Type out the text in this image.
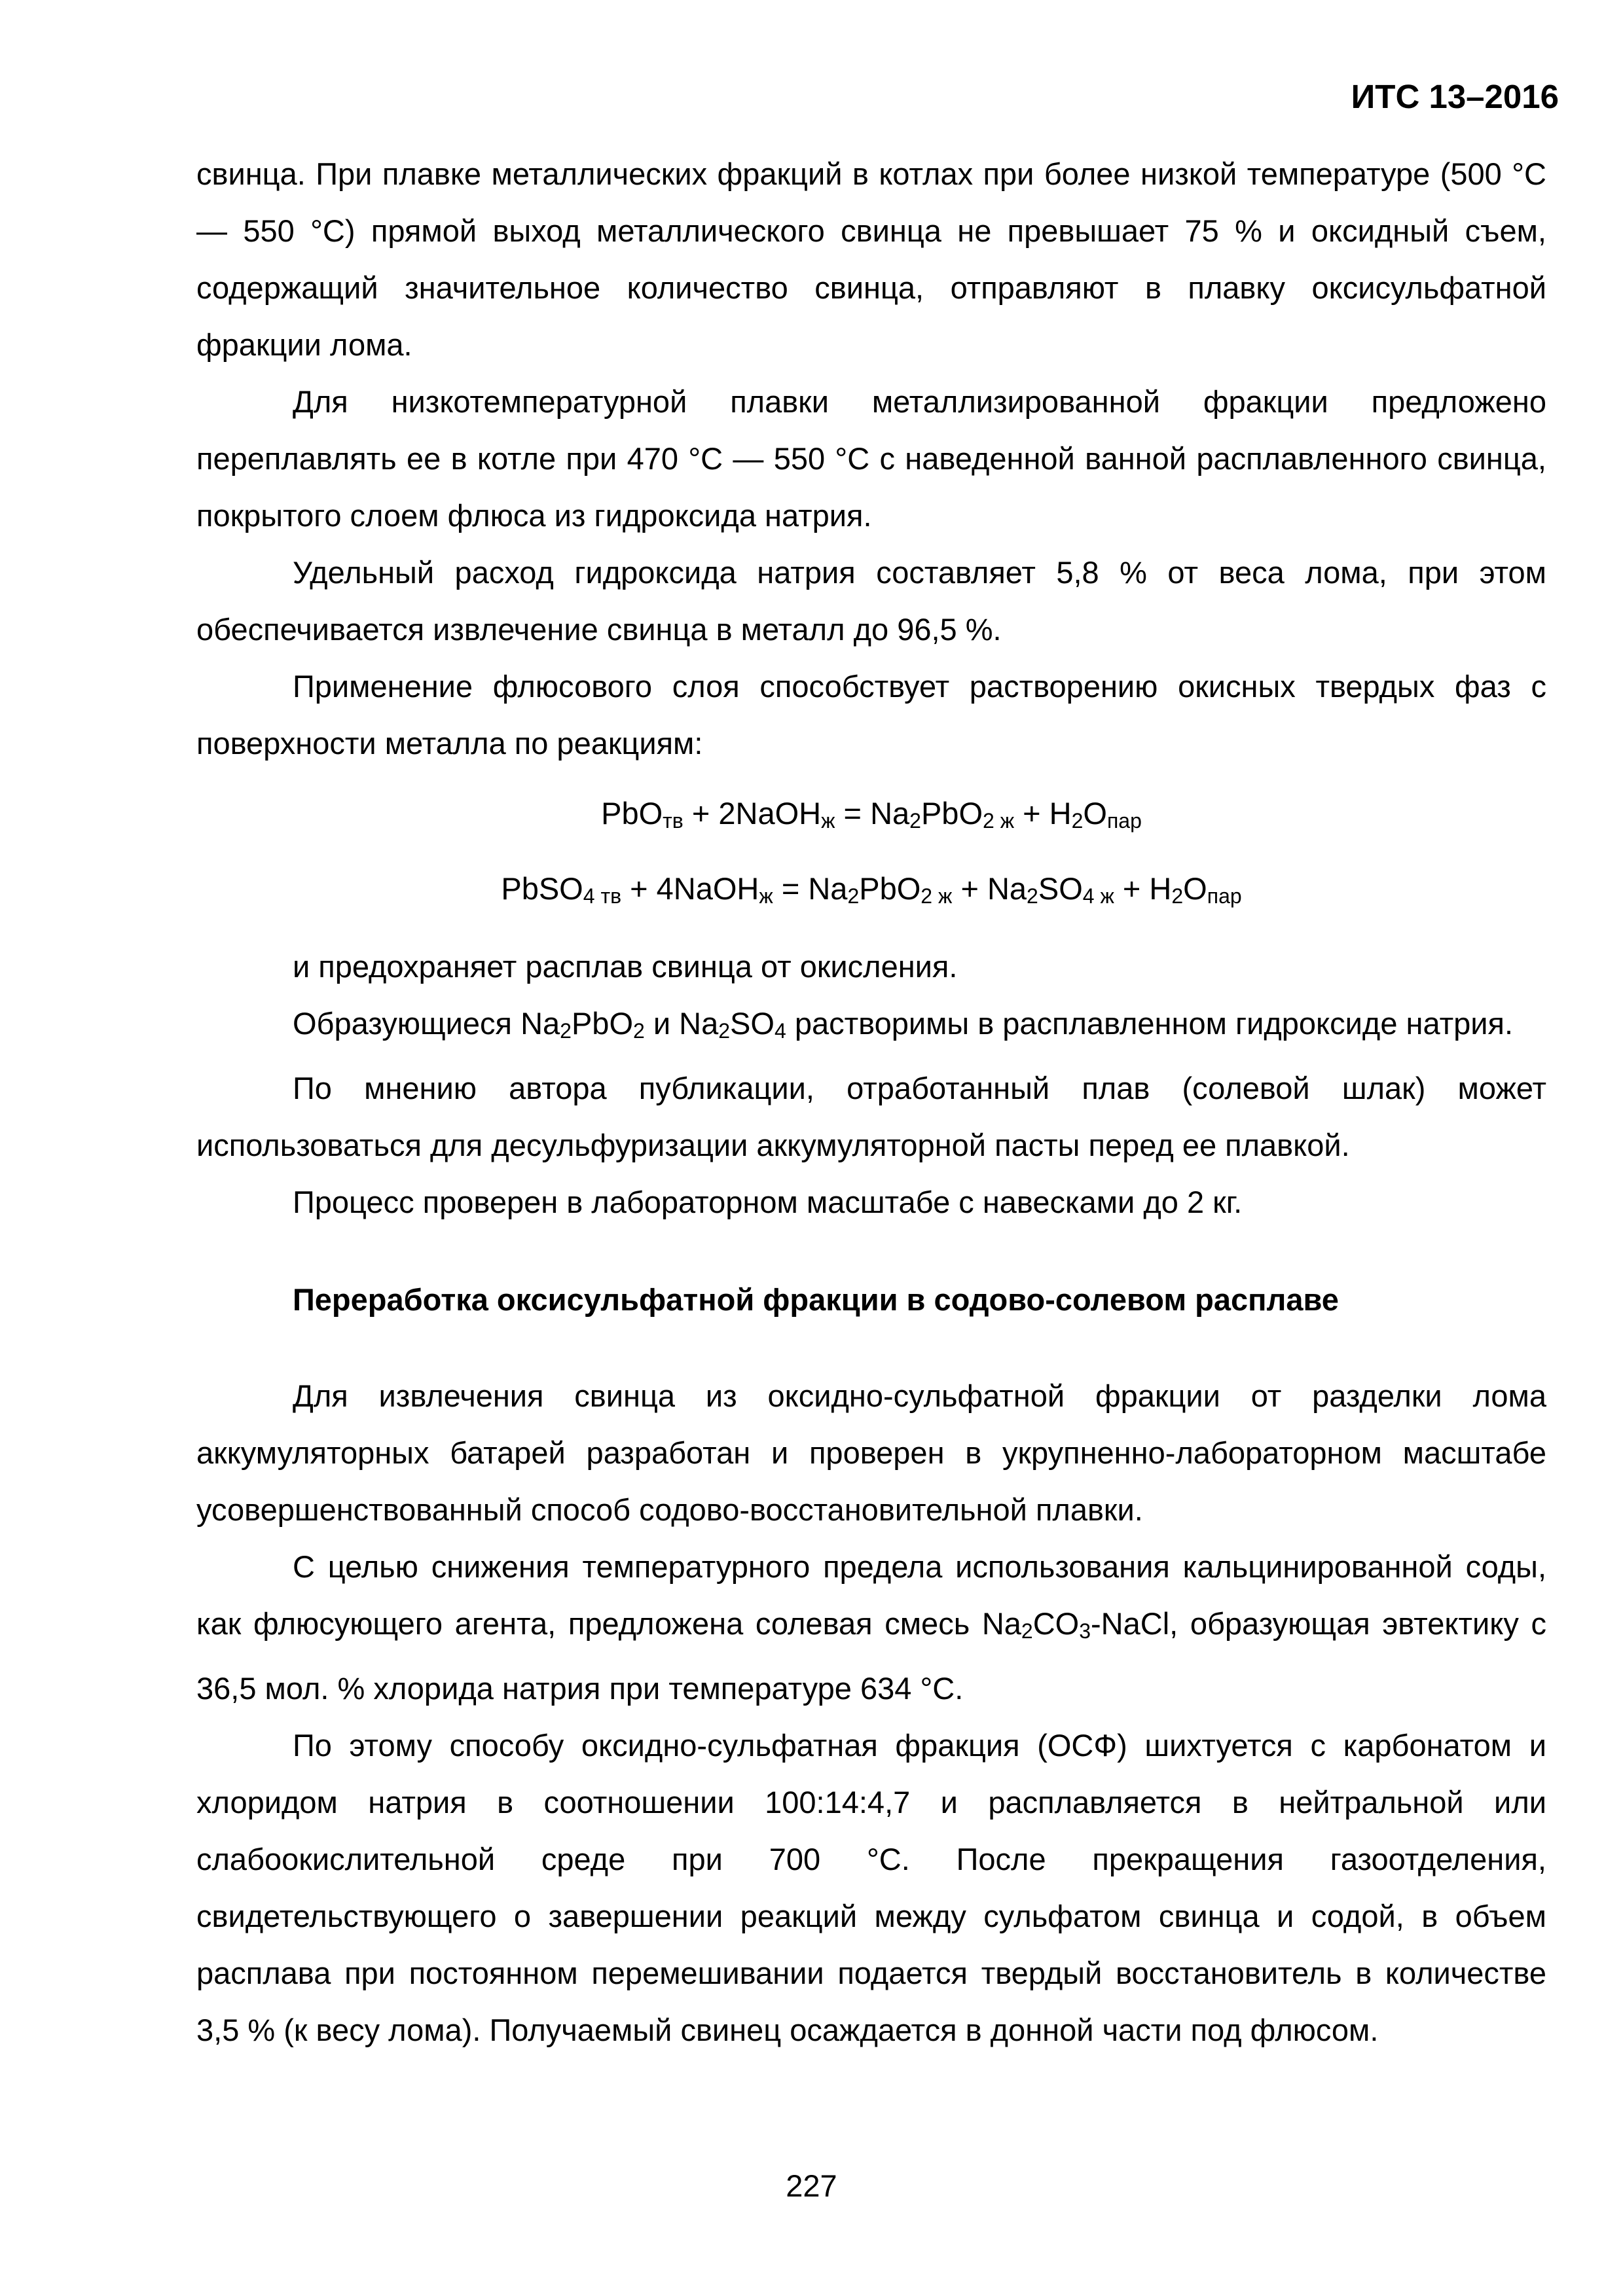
ИТС 13–2016

свинца. При плавке металлических фракций в котлах при более низкой температуре (500 °С — 550 °С) прямой выход металлического свинца не превышает 75 % и оксидный съем, содержащий значительное количество свинца, отправляют в плавку оксисульфатной фракции лома.

Для низкотемпературной плавки металлизированной фракции предложено переплавлять ее в котле при 470 °С — 550 °С с наведенной ванной расплавленного свинца, покрытого слоем флюса из гидроксида натрия.

Удельный расход гидроксида натрия составляет 5,8 % от веса лома, при этом обеспечивается извлечение свинца в металл до 96,5 %.

Применение флюсового слоя способствует растворению окисных твердых фаз с поверхности металла по реакциям:

PbOтв + 2NaOHж = Na2PbO2 ж + H2Oпар
PbSO4 тв + 4NaOHж = Na2PbO2 ж + Na2SO4 ж + H2Oпар

и предохраняет расплав свинца от окисления.

Образующиеся Na2PbO2 и Na2SO4 растворимы в расплавленном гидроксиде натрия.

По мнению автора публикации, отработанный плав (солевой шлак) может использоваться для десульфуризации аккумуляторной пасты перед ее плавкой.

Процесс проверен в лабораторном масштабе с навесками до 2 кг.

Переработка оксисульфатной фракции в содово-солевом расплаве

Для извлечения свинца из оксидно-сульфатной фракции от разделки лома аккумуляторных батарей разработан и проверен в укрупненно-лабораторном масштабе усовершенствованный способ содово-восстановительной плавки.

С целью снижения температурного предела использования кальцинированной соды, как флюсующего агента, предложена солевая смесь Na2CO3-NaCl, образующая эвтектику с 36,5 мол. % хлорида натрия при температуре 634 °С.

По этому способу оксидно-сульфатная фракция (ОСФ) шихтуется с карбонатом и хлоридом натрия в соотношении 100:14:4,7 и расплавляется в нейтральной или слабоокислительной среде при 700 °С. После прекращения газоотделения, свидетельствующего о завершении реакций между сульфатом свинца и содой, в объем расплава при постоянном перемешивании подается твердый восстановитель в количестве 3,5 % (к весу лома). Получаемый свинец осаждается в донной части под флюсом.

227
